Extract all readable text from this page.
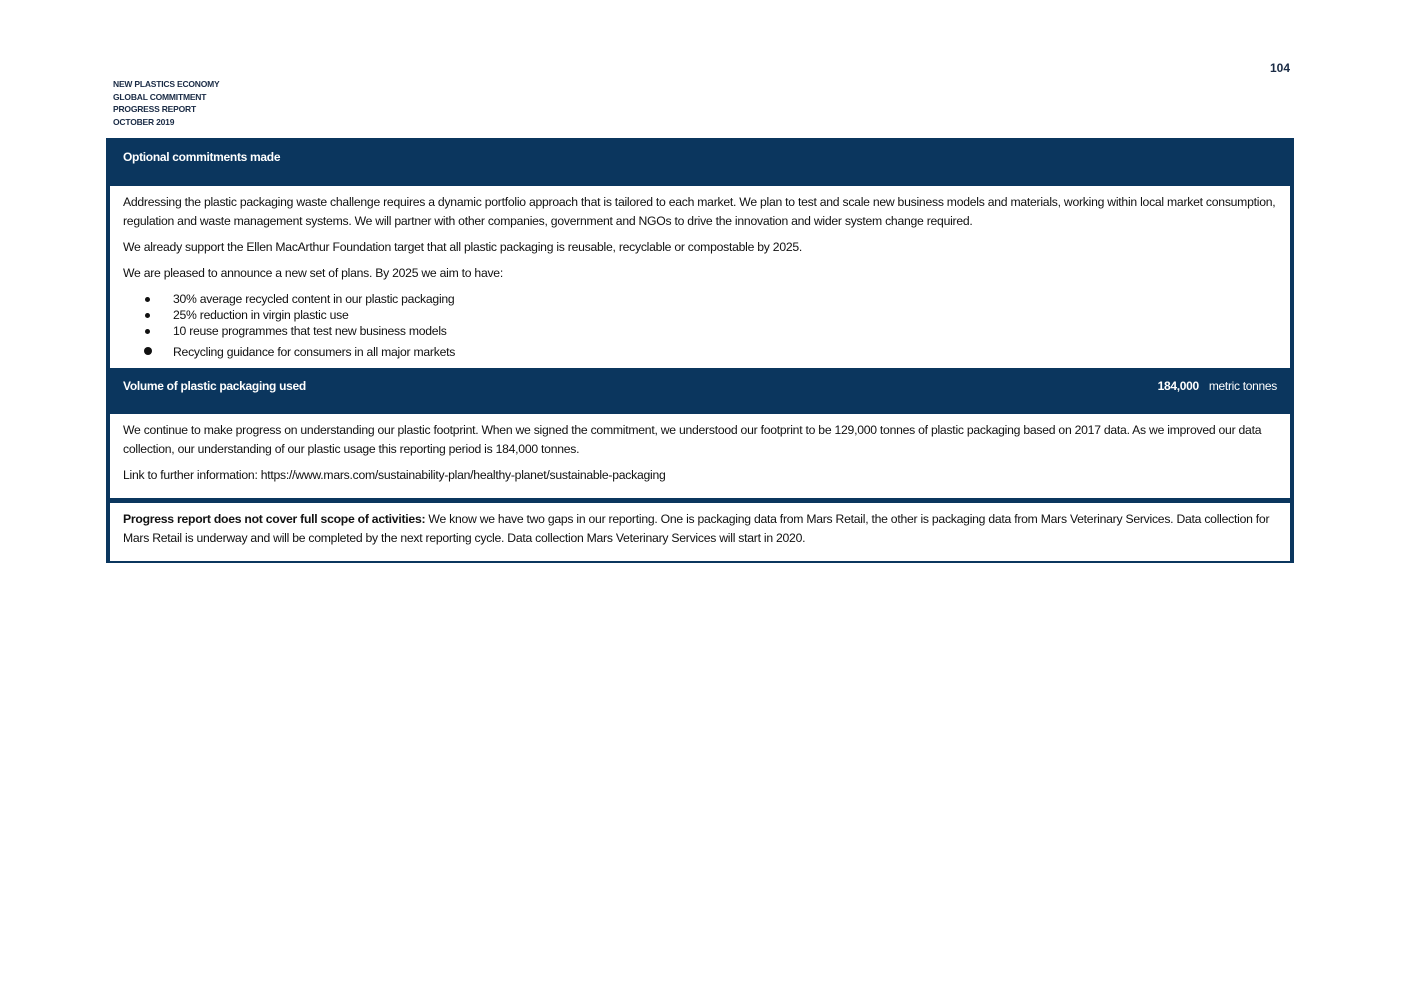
104
NEW PLASTICS ECONOMY
GLOBAL COMMITMENT
PROGRESS REPORT
OCTOBER 2019
Optional commitments made

Addressing the plastic packaging waste challenge requires a dynamic portfolio approach that is tailored to each market. We plan to test and scale new business models and materials, working within local market consumption, regulation and waste management systems. We will partner with other companies, government and NGOs to drive the innovation and wider system change required.

We already support the Ellen MacArthur Foundation target that all plastic packaging is reusable, recyclable or compostable by 2025.

We are pleased to announce a new set of plans. By 2025 we aim to have:

30% average recycled content in our plastic packaging
25% reduction in virgin plastic use
10 reuse programmes that test new business models
Recycling guidance for consumers in all major markets
Volume of plastic packaging used	184,000 metric tonnes

We continue to make progress on understanding our plastic footprint. When we signed the commitment, we understood our footprint to be 129,000 tonnes of plastic packaging based on 2017 data. As we improved our data collection, our understanding of our plastic usage this reporting period is 184,000 tonnes.

Link to further information: https://www.mars.com/sustainability-plan/healthy-planet/sustainable-packaging

Progress report does not cover full scope of activities: We know we have two gaps in our reporting. One is packaging data from Mars Retail, the other is packaging data from Mars Veterinary Services. Data collection for Mars Retail is underway and will be completed by the next reporting cycle. Data collection Mars Veterinary Services will start in 2020.
